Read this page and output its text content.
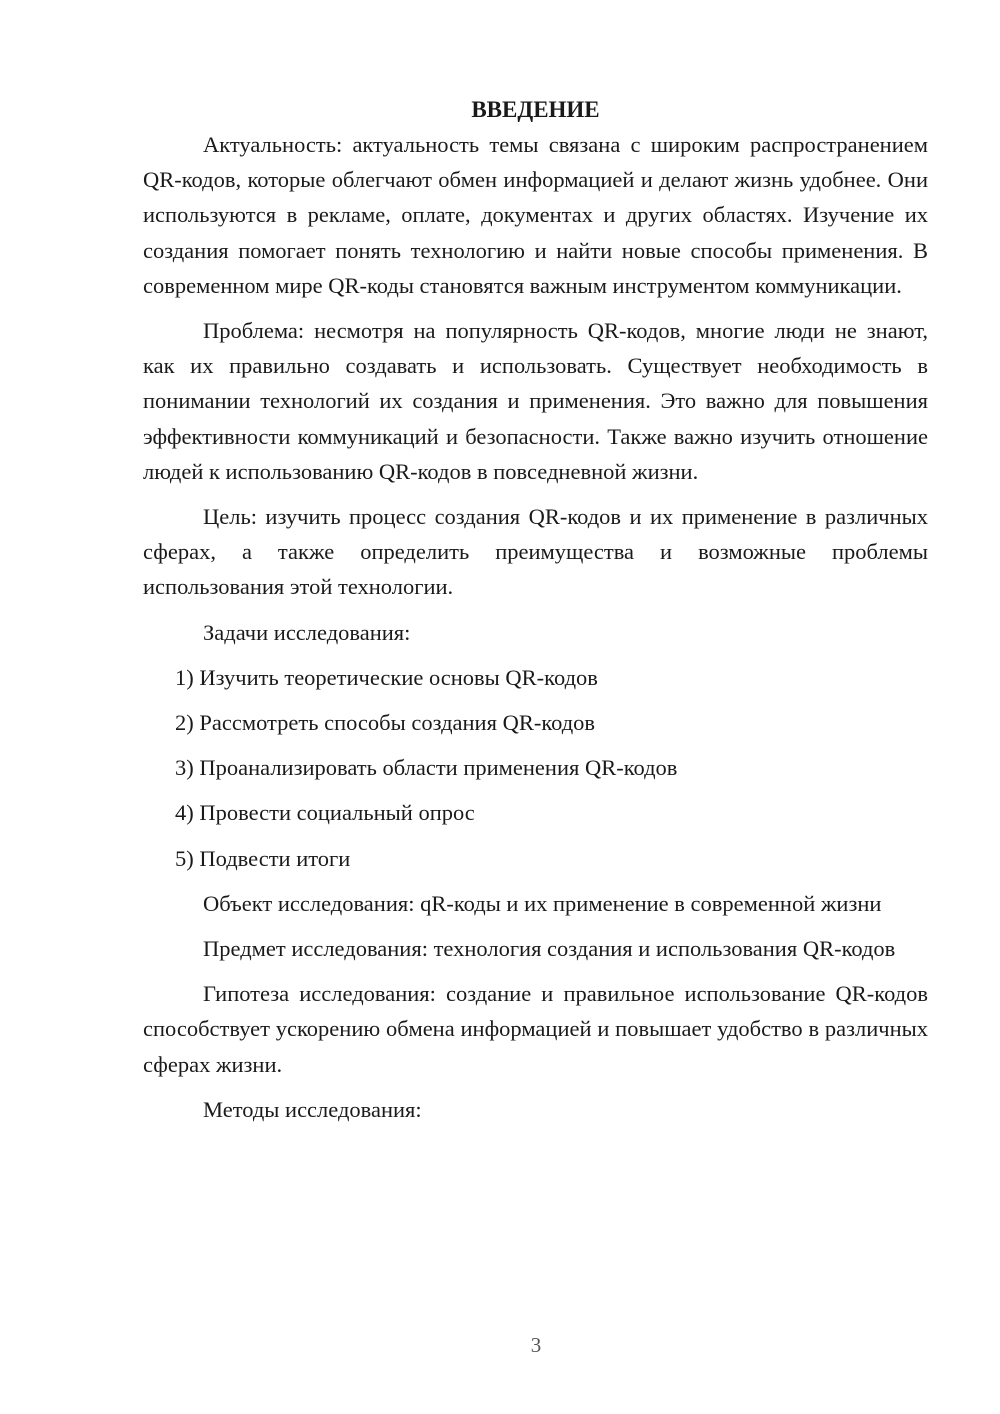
ВВЕДЕНИЕ

Актуальность: актуальность темы связана с широким распространением QR-кодов, которые облегчают обмен информацией и делают жизнь удобнее. Они используются в рекламе, оплате, документах и других областях. Изучение их создания помогает понять технологию и найти новые способы применения. В современном мире QR-коды становятся важным инструментом коммуникации.

Проблема: несмотря на популярность QR-кодов, многие люди не знают, как их правильно создавать и использовать. Существует необходимость в понимании технологий их создания и применения. Это важно для повышения эффективности коммуникаций и безопасности. Также важно изучить отношение людей к использованию QR-кодов в повседневной жизни.

Цель: изучить процесс создания QR-кодов и их применение в различных сферах, а также определить преимущества и возможные проблемы использования этой технологии.

Задачи исследования:

1) Изучить теоретические основы QR-кодов
2) Рассмотреть способы создания QR-кодов
3) Проанализировать области применения QR-кодов
4) Провести социальный опрос
5) Подвести итоги

Объект исследования: qR-коды и их применение в современной жизни

Предмет исследования: технология создания и использования QR-кодов

Гипотеза исследования: создание и правильное использование QR-кодов способствует ускорению обмена информацией и повышает удобство в различных сферах жизни.

Методы исследования:

3
